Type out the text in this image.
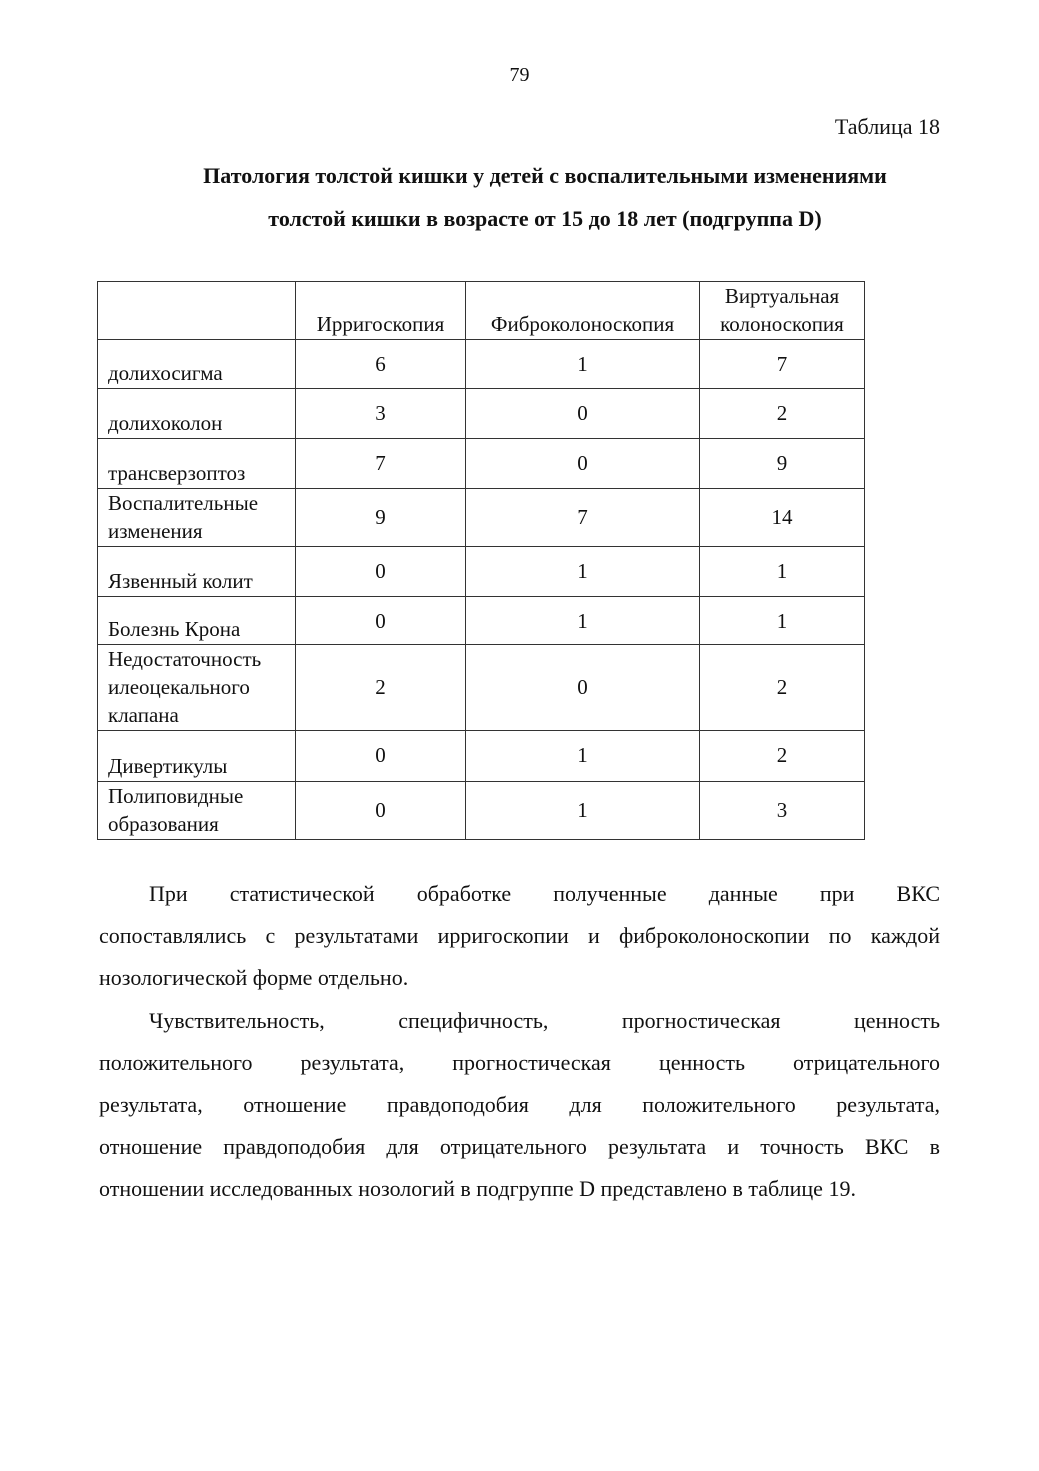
79
Таблица 18
Патология толстой кишки у детей с воспалительными изменениями
толстой кишки в возрасте от 15 до 18 лет (подгруппа D)
	Ирригоскопия	Фиброколоноскопия	Виртуальная колоноскопия
долихосигма	6	1	7
долихоколон	3	0	2
трансверзоптоз	7	0	9
Воспалительные изменения	9	7	14
Язвенный колит	0	1	1
Болезнь Крона	0	1	1
Недостаточность илеоцекального клапана	2	0	2
Дивертикулы	0	1	2
Полиповидные образования	0	1	3
При статистической обработке полученные данные при ВКС
сопоставлялись с результатами ирригоскопии и фиброколоноскопии по каждой
нозологической форме отдельно.
Чувствительность, специфичность, прогностическая ценность
положительного результата, прогностическая ценность отрицательного
результата, отношение правдоподобия для положительного результата,
отношение правдоподобия для отрицательного результата и точность ВКС в
отношении исследованных нозологий в подгруппе D представлено в таблице 19.
